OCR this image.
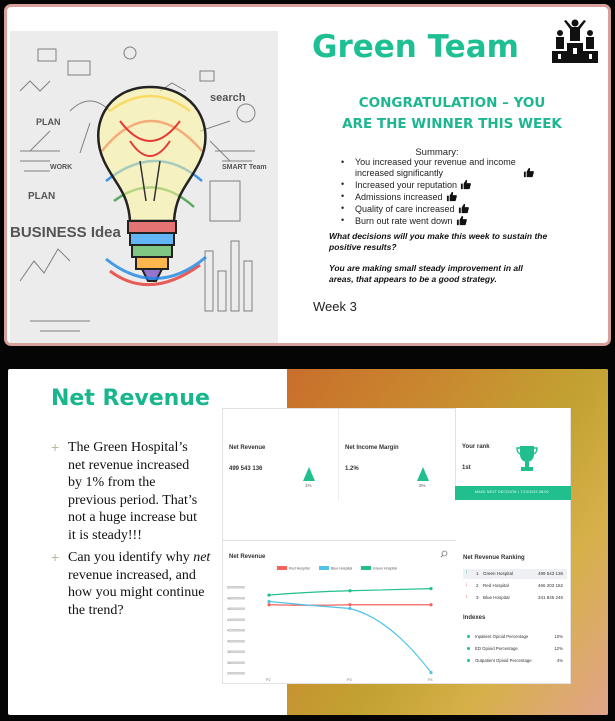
search
PLAN
SMART Team
BUSINESS Idea
WORK
PLAN
Green Team
CONGRATULATION – YOU
ARE THE WINNER THIS WEEK
Summary:
• You increased your revenue and income increased significantly
• Increased your reputation
• Admissions increased
• Quality of care increased
• Burn out rate went down
What decisions will you make this week to sustain the positive results?
You are making small steady improvement in all areas, that appears to be a good strategy.
Week 3
Net Revenue
+ The Green Hospital’s net revenue increased by 1% from the previous period. That’s not a huge increase but it is steady!!!
+ Can you identify why net revenue increased, and how you might continue the trend?
Net Revenue
499 543 136
1%
Net Income Margin
1.2%
3%
Net Revenue
500000000
480000000
460000000
440000000
420000000
400000000
380000000
360000000
340000000
P2	P3	P4
Red Hospital	Blue Hospital	Green Hospital
Net Revenue Ranking
↑ 1 Green Hospital	499 543 136
↓ 2 Red Hospital	466 203 152
↓ 3 Blue Hospital	341 845 246
Indexes
Inpatient Opioid Percentage	10%
ED Opioid Percentage	12%
Outpatient Opioid Percentage	4%
Your rank
1st
MAKE NEXT DECISION • 7/13/2022 08:00
